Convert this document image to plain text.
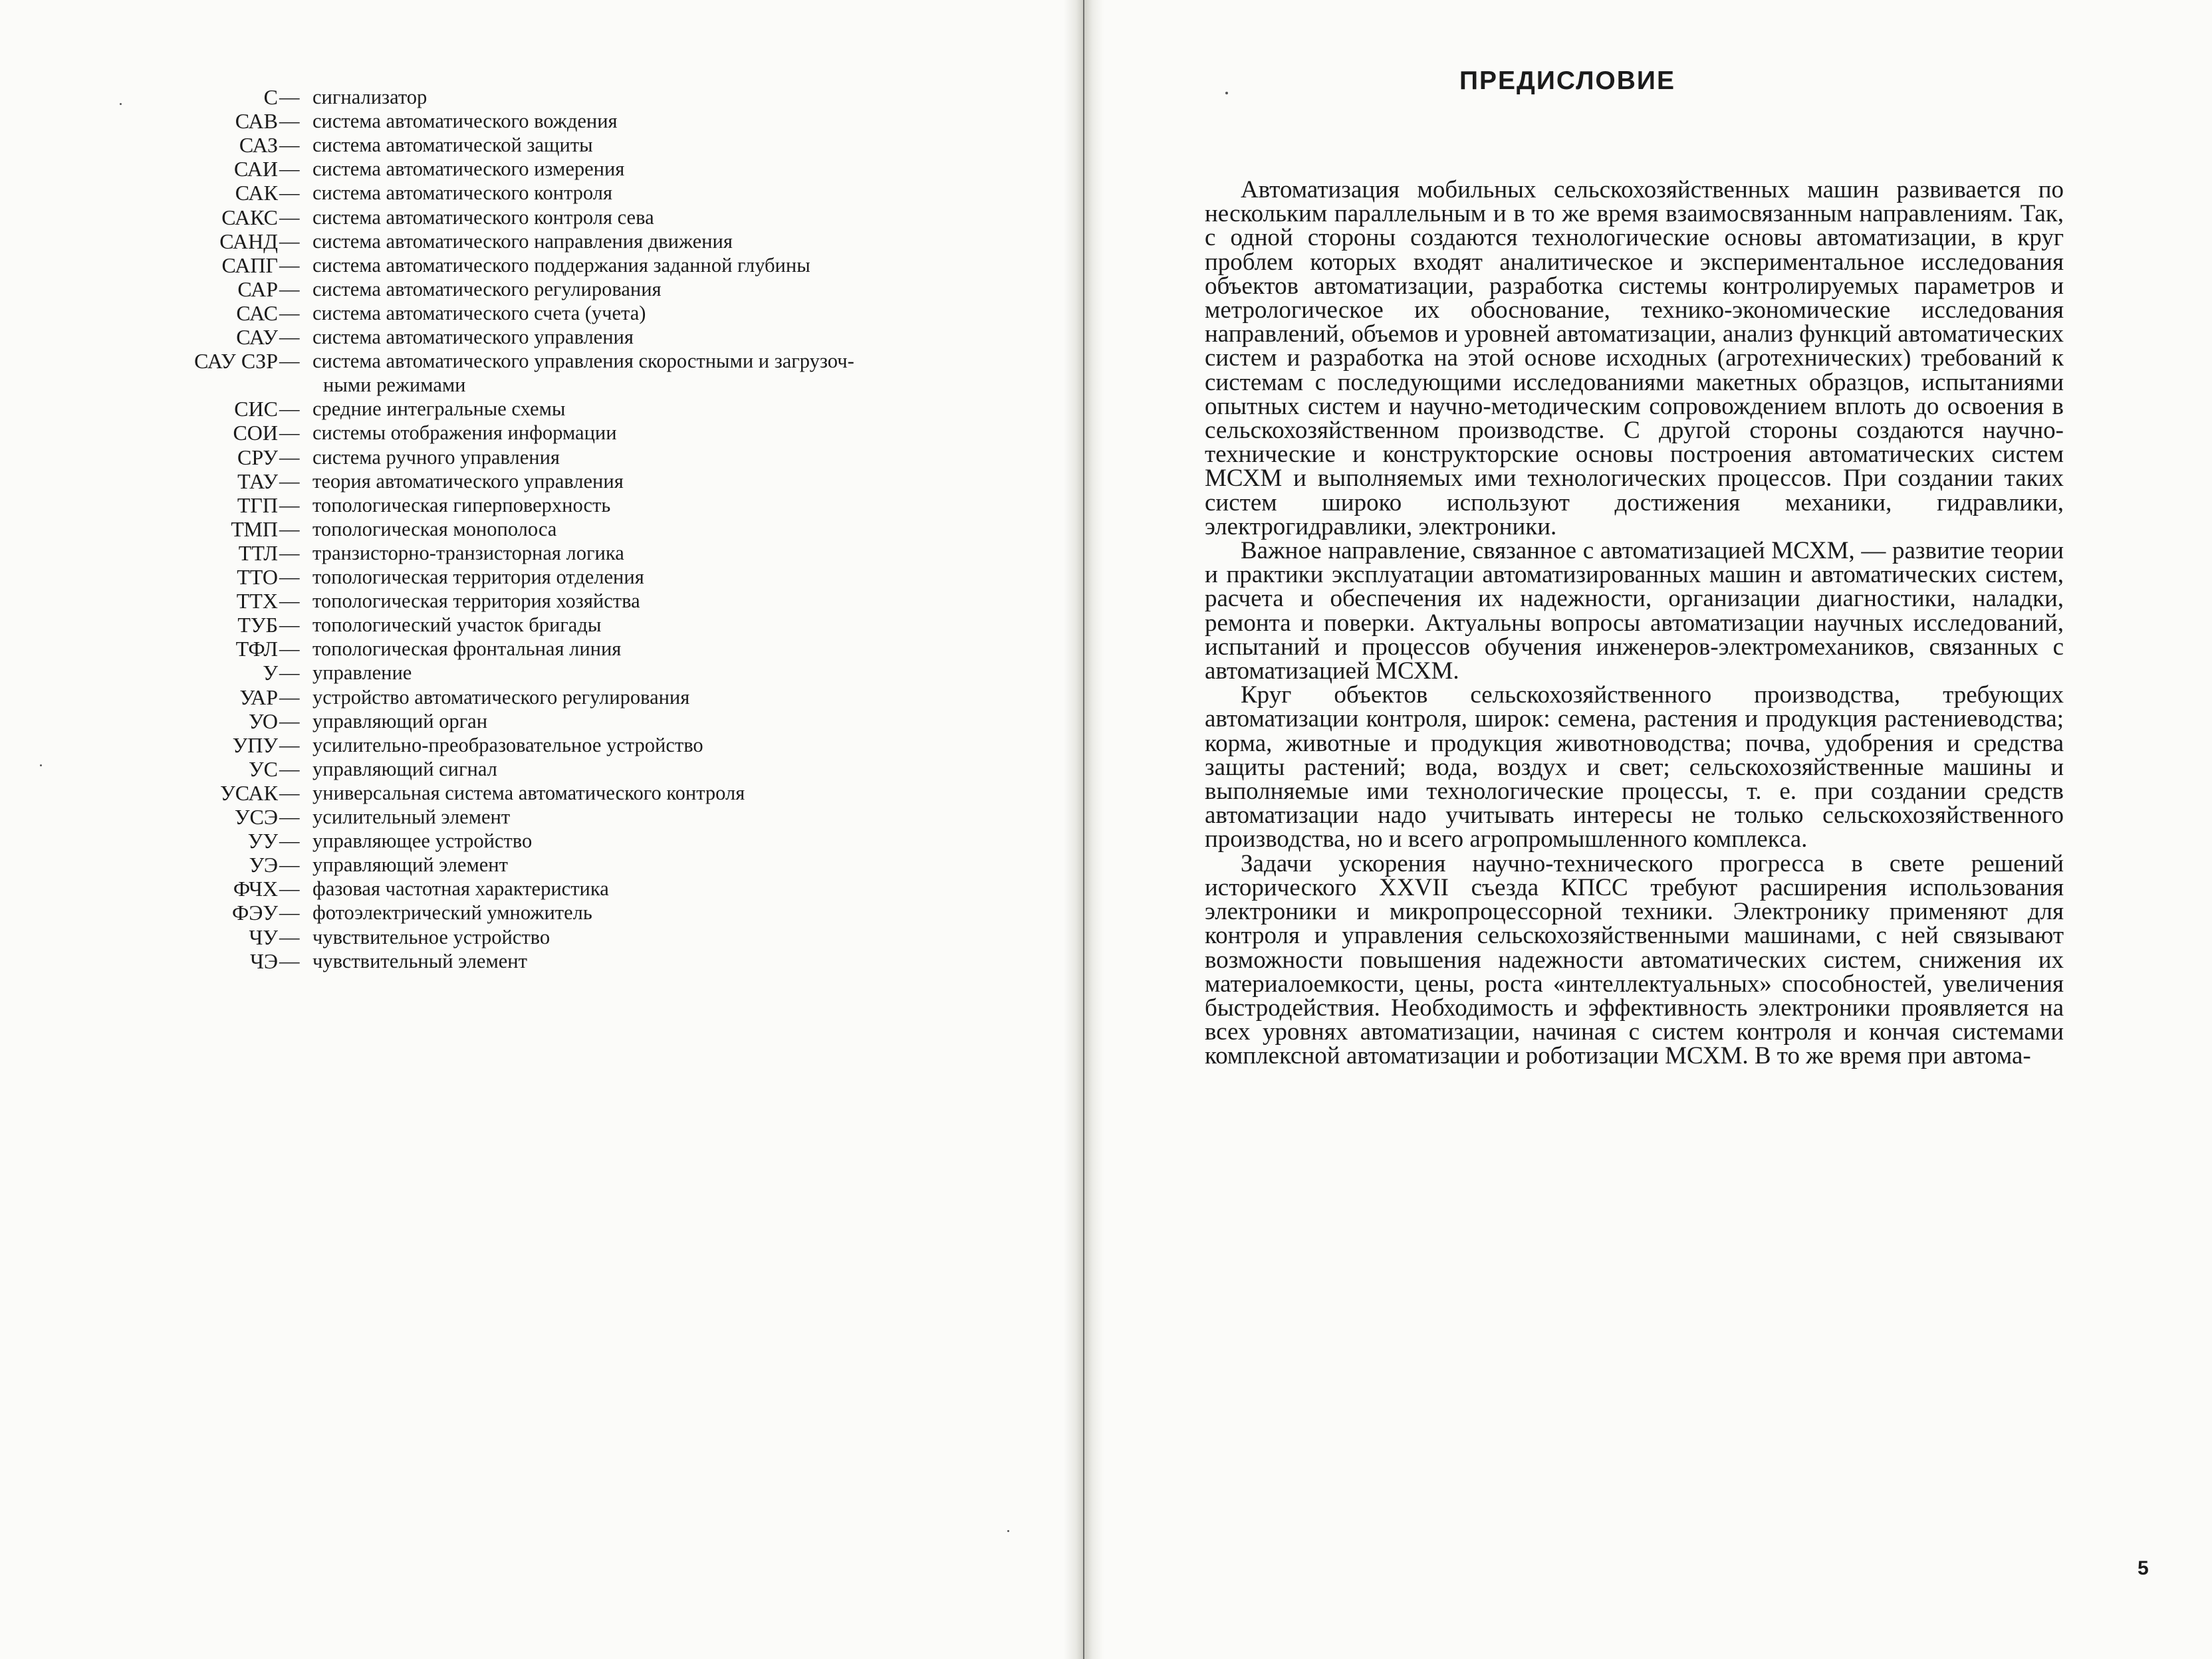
С — сигнализатор
САВ — система автоматического вождения
САЗ — система автоматической защиты
САИ — система автоматического измерения
САК — система автоматического контроля
САКС — система автоматического контроля сева
САНД — система автоматического направления движения
САПГ — система автоматического поддержания заданной глубины
САР — система автоматического регулирования
САС — система автоматического счета (учета)
САУ — система автоматического управления
САУ СЗР — система автоматического управления скоростными и загрузоч-
ными режимами
СИС — средние интегральные схемы
СОИ — системы отображения информации
СРУ — система ручного управления
ТАУ — теория автоматического управления
ТГП — топологическая гиперповерхность
ТМП — топологическая монополоса
ТТЛ — транзисторно-транзисторная логика
ТТО — топологическая территория отделения
ТТХ — топологическая территория хозяйства
ТУБ — топологический участок бригады
ТФЛ — топологическая фронтальная линия
У — управление
УАР — устройство автоматического регулирования
УО — управляющий орган
УПУ — усилительно-преобразовательное устройство
УС — управляющий сигнал
УСАК — универсальная система автоматического контроля
УСЭ — усилительный элемент
УУ — управляющее устройство
УЭ — управляющий элемент
ФЧХ — фазовая частотная характеристика
ФЭУ — фотоэлектрический умножитель
ЧУ — чувствительное устройство
ЧЭ — чувствительный элемент
ПРЕДИСЛОВИЕ

Автоматизация мобильных сельскохозяйственных машин развивается по нескольким параллельным и в то же время взаимосвязанным направлениям. Так, с одной стороны создаются технологические основы автоматизации, в круг проблем которых входят аналитическое и экспериментальное исследования объектов автоматизации, разработка системы контролируемых параметров и метрологическое их обоснование, технико-экономические исследования направлений, объемов и уровней автоматизации, анализ функций автоматических систем и разработка на этой основе исходных (агротехнических) требований к системам с последующими исследованиями макетных образцов, испытаниями опытных систем и научно-методическим сопровождением вплоть до освоения в сельскохозяйственном производстве. С другой стороны создаются научно-технические и конструкторские основы построения автоматических систем МСХМ и выполняемых ими технологических процессов. При создании таких систем широко используют достижения механики, гидравлики, электрогидравлики, электроники.

Важное направление, связанное с автоматизацией МСХМ, — развитие теории и практики эксплуатации автоматизированных машин и автоматических систем, расчета и обеспечения их надежности, организации диагностики, наладки, ремонта и поверки. Актуальны вопросы автоматизации научных исследований, испытаний и процессов обучения инженеров-электромехаников, связанных с автоматизацией МСХМ.

Круг объектов сельскохозяйственного производства, требующих автоматизации контроля, широк: семена, растения и продукция растениеводства; корма, животные и продукция животноводства; почва, удобрения и средства защиты растений; вода, воздух и свет; сельскохозяйственные машины и выполняемые ими технологические процессы, т. е. при создании средств автоматизации надо учитывать интересы не только сельскохозяйственного производства, но и всего агропромышленного комплекса.

Задачи ускорения научно-технического прогресса в свете решений исторического XXVII съезда КПСС требуют расширения использования электроники и микропроцессорной техники. Электронику применяют для контроля и управления сельскохозяйственными машинами, с ней связывают возможности повышения надежности автоматических систем, снижения их материалоемкости, цены, роста «интеллектуальных» способностей, увеличения быстродействия. Необходимость и эффективность электроники проявляется на всех уровнях автоматизации, начиная с систем контроля и кончая системами комплексной автоматизации и роботизации МСХМ. В то же время при автома-

5
